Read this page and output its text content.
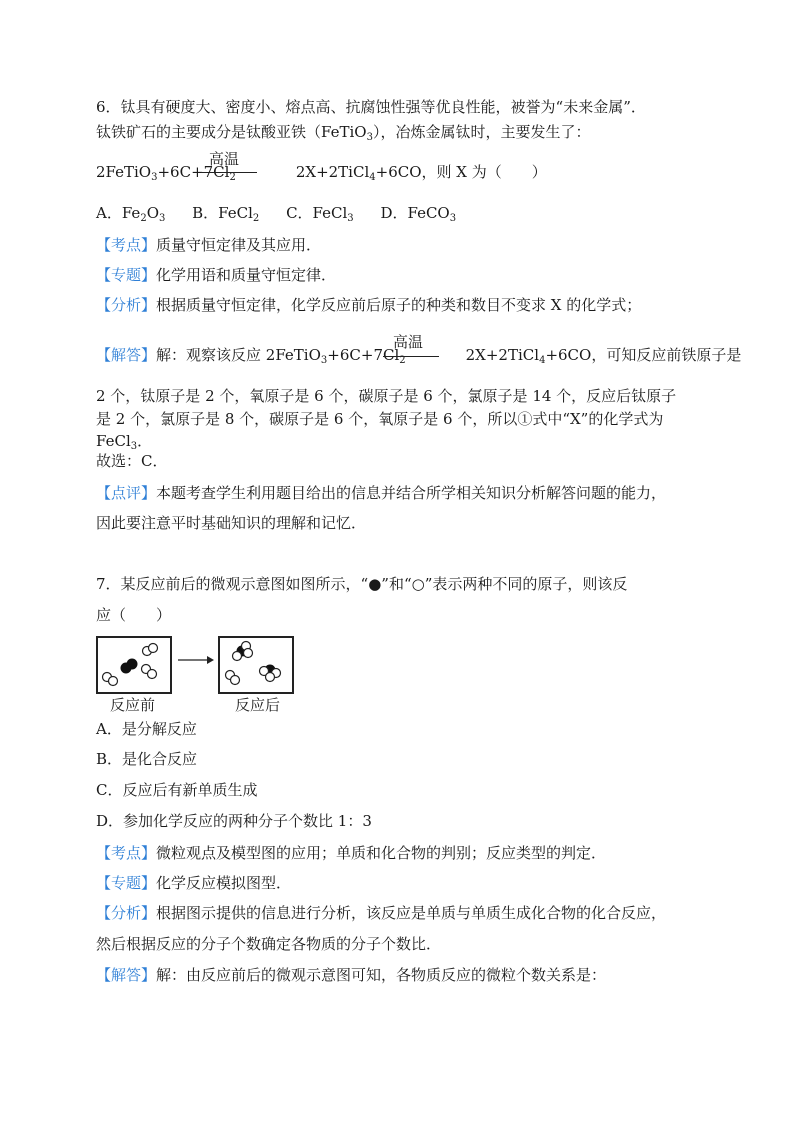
6．钛具有硬度大、密度小、熔点高、抗腐蚀性强等优良性能，被誉为“未来金属”．
钛铁矿石的主要成分是钛酸亚铁（FeTiO$_3$），冶炼金属钛时，主要发生了：
$2FeTiO_3+6C+7Cl_2$	2X+2TiCl$_4$+6CO，则 X 为（　　）
高温
A．$Fe_2O_3$ B．FeCl$_2$ C．FeCl$_3$ D．FeCO$_3$
【考点】质量守恒定律及其应用．
【专题】化学用语和质量守恒定律．
【分析】根据质量守恒定律，化学反应前后原子的种类和数目不变求 X 的化学式；
【解答】解：观察该反应 $2FeTiO_3+6C+7Cl_2$	2X+2TiCl$_4$+6CO，可知反应前铁原子是
高温
2 个，钛原子是 2 个，氧原子是 6 个，碳原子是 6 个，氯原子是 14 个，反应后钛原子
是 2 个，氯原子是 8 个，碳原子是 6 个，氧原子是 6 个，所以①式中“X”的化学式为
FeCl$_3$．
故选：C．
【点评】本题考查学生利用题目给出的信息并结合所学相关知识分析解答问题的能力，
因此要注意平时基础知识的理解和记忆．
7．某反应前后的微观示意图如图所示，“●”和“○”表示两种不同的原子，则该反
应（　　）
反应前	反应后
A．是分解反应
B．是化合反应
C．反应后有新单质生成
D．参加化学反应的两种分子个数比 1：3
【考点】微粒观点及模型图的应用；单质和化合物的判别；反应类型的判定．
【专题】化学反应模拟图型．
【分析】根据图示提供的信息进行分析，该反应是单质与单质生成化合物的化合反应，
然后根据反应的分子个数确定各物质的分子个数比．
【解答】解：由反应前后的微观示意图可知，各物质反应的微粒个数关系是：
